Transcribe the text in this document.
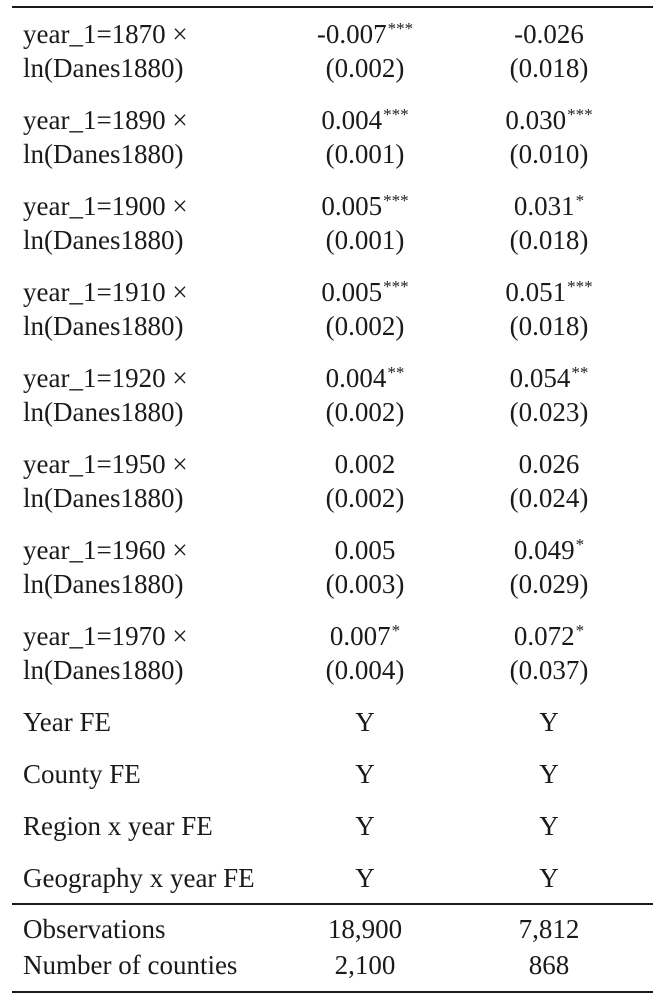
year_1=1870 ×
ln(Danes1880)
-0.007***	-0.026
(0.002)	(0.018)
year_1=1890 ×
ln(Danes1880)
0.004***	0.030***
(0.001)	(0.010)
year_1=1900 ×
ln(Danes1880)
0.005***	0.031*
(0.001)	(0.018)
year_1=1910 ×
ln(Danes1880)
0.005***	0.051***
(0.002)	(0.018)
year_1=1920 ×
ln(Danes1880)
0.004**	0.054**
(0.002)	(0.023)
year_1=1950 ×
ln(Danes1880)
0.002	0.026
(0.002)	(0.024)
year_1=1960 ×
ln(Danes1880)
0.005	0.049*
(0.003)	(0.029)
year_1=1970 ×
ln(Danes1880)
0.007*	0.072*
(0.004)	(0.037)
Year FE	Y	Y
County FE	Y	Y
Region x year FE	Y	Y
Geography x year FE	Y	Y
Observations	18,900	7,812
Number of counties	2,100	868
